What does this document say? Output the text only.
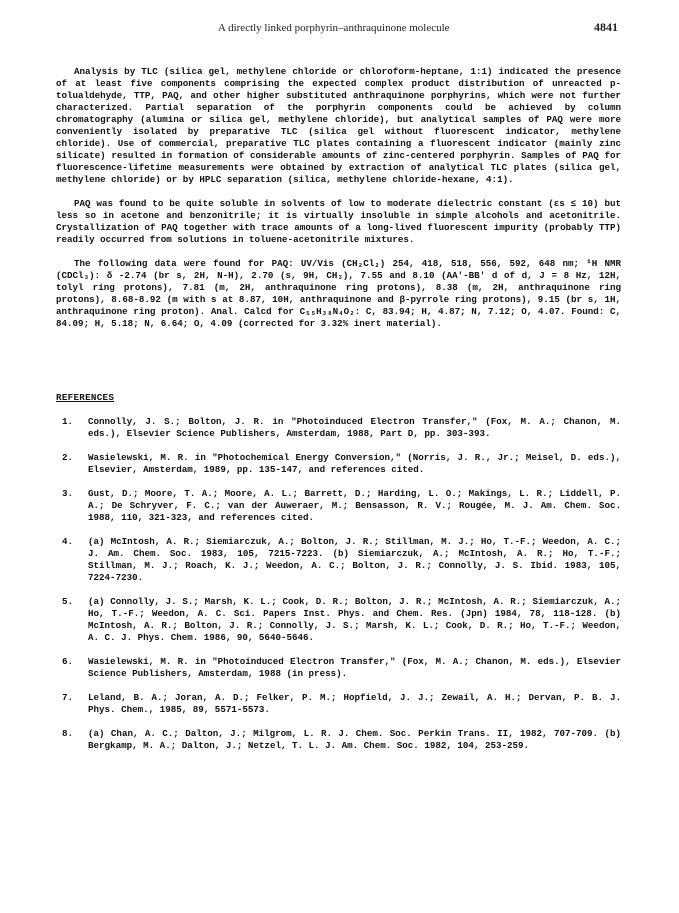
A directly linked porphyrin–anthraquinone molecule	4841

Analysis by TLC (silica gel, methylene chloride or chloroform-heptane, 1:1) indicated the presence of at least five components comprising the expected complex product distribution of unreacted p-tolualdehyde, TTP, PAQ, and other higher substituted anthraquinone porphyrins, which were not further characterized. Partial separation of the porphyrin components could be achieved by column chromatography (alumina or silica gel, methylene chloride), but analytical samples of PAQ were more conveniently isolated by preparative TLC (silica gel without fluorescent indicator, methylene chloride). Use of commercial, preparative TLC plates containing a fluorescent indicator (mainly zinc silicate) resulted in formation of considerable amounts of zinc-centered porphyrin. Samples of PAQ for fluorescence-lifetime measurements were obtained by extraction of analytical TLC plates (silica gel, methylene chloride) or by HPLC separation (silica, methylene chloride-hexane, 4:1).

PAQ was found to be quite soluble in solvents of low to moderate dielectric constant (εs ≤ 10) but less so in acetone and benzonitrile; it is virtually insoluble in simple alcohols and acetonitrile. Crystallization of PAQ together with trace amounts of a long-lived fluorescent impurity (probably TTP) readily occurred from solutions in toluene-acetonitrile mixtures.

The following data were found for PAQ: UV/Vis (CH₂Cl₂) 254, 418, 518, 556, 592, 648 nm; ¹H NMR (CDCl₃): δ -2.74 (br s, 2H, N-H), 2.70 (s, 9H, CH₃), 7.55 and 8.10 (AA'-BB' d of d, J = 8 Hz, 12H, tolyl ring protons), 7.81 (m, 2H, anthraquinone ring protons), 8.38 (m, 2H, anthraquinone ring protons), 8.68-8.92 (m with s at 8.87, 10H, anthraquinone and β-pyrrole ring protons), 9.15 (br s, 1H, anthraquinone ring proton). Anal. Calcd for C₅₅H₃₈N₄O₂: C, 83.94; H, 4.87; N, 7.12; O, 4.07. Found: C, 84.09; H, 5.18; N, 6.64; O, 4.09 (corrected for 3.32% inert material).

REFERENCES
1. Connolly, J. S.; Bolton, J. R. in "Photoinduced Electron Transfer," (Fox, M. A.; Chanon, M. eds.), Elsevier Science Publishers, Amsterdam, 1988, Part D, pp. 303-393.
2. Wasielewski, M. R. in "Photochemical Energy Conversion," (Norris, J. R., Jr.; Meisel, D. eds.), Elsevier, Amsterdam, 1989, pp. 135-147, and references cited.
3. Gust, D.; Moore, T. A.; Moore, A. L.; Barrett, D.; Harding, L. O.; Makings, L. R.; Liddell, P. A.; De Schryver, F. C.; van der Auweraer, M.; Bensasson, R. V.; Rougée, M. J. Am. Chem. Soc. 1988, 110, 321-323, and references cited.
4. (a) McIntosh, A. R.; Siemiarczuk, A.; Bolton, J. R.; Stillman, M. J.; Ho, T.-F.; Weedon, A. C.; J. Am. Chem. Soc. 1983, 105, 7215-7223. (b) Siemiarczuk, A.; McIntosh, A. R.; Ho, T.-F.; Stillman, M. J.; Roach, K. J.; Weedon, A. C.; Bolton, J. R.; Connolly, J. S. Ibid. 1983, 105, 7224-7230.
5. (a) Connolly, J. S.; Marsh, K. L.; Cook, D. R.; Bolton, J. R.; McIntosh, A. R.; Siemiarczuk, A.; Ho, T.-F.; Weedon, A. C. Sci. Papers Inst. Phys. and Chem. Res. (Jpn) 1984, 78, 118-128. (b) McIntosh, A. R.; Bolton, J. R.; Connolly, J. S.; Marsh, K. L.; Cook, D. R.; Ho, T.-F.; Weedon, A. C. J. Phys. Chem. 1986, 90, 5640-5646.
6. Wasielewski, M. R. in "Photoinduced Electron Transfer," (Fox, M. A.; Chanon, M. eds.), Elsevier Science Publishers, Amsterdam, 1988 (in press).
7. Leland, B. A.; Joran, A. D.; Felker, P. M.; Hopfield, J. J.; Zewail, A. H.; Dervan, P. B. J. Phys. Chem., 1985, 89, 5571-5573.
8. (a) Chan, A. C.; Dalton, J.; Milgrom, L. R. J. Chem. Soc. Perkin Trans. II, 1982, 707-709. (b) Bergkamp, M. A.; Dalton, J.; Netzel, T. L. J. Am. Chem. Soc. 1982, 104, 253-259.
